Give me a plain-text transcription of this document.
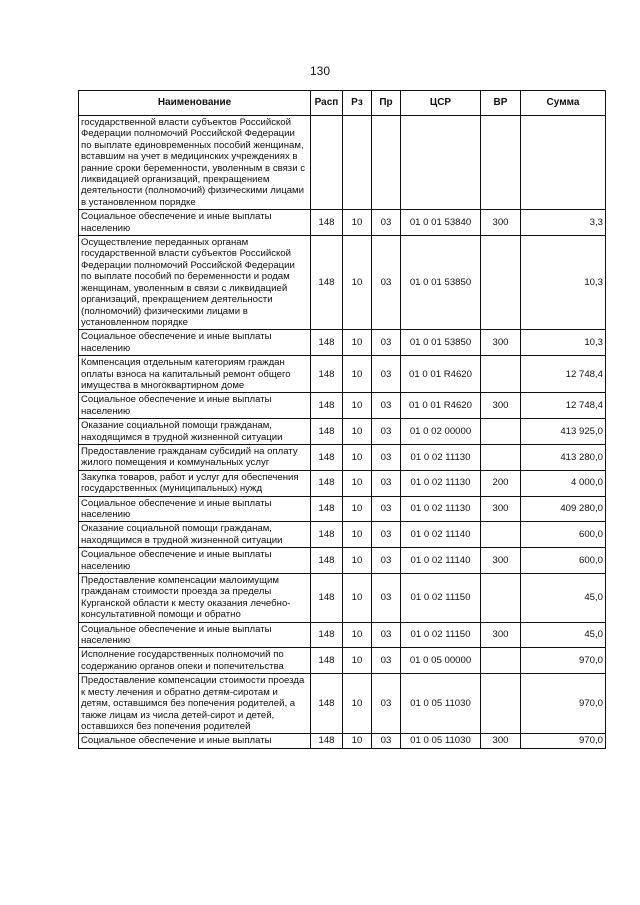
130
Наименование	Расп	Рз	Пр	ЦСР	ВР	Сумма
государственной власти субъектов Российской Федерации полномочий Российской Федерации по выплате единовременных пособий женщинам, вставшим на учет в медицинских учреждениях в ранние сроки беременности, уволенным в связи с ликвидацией организаций, прекращением деятельности (полномочий) физическими лицами в установленном порядке						
Социальное обеспечение и иные выплаты населению	148	10	03	01 0 01 53840	300	3,3
Осуществление переданных органам государственной власти субъектов Российской Федерации полномочий Российской Федерации по выплате пособий по беременности и родам женщинам, уволенным в связи с ликвидацией организаций, прекращением деятельности (полномочий) физическими лицами в установленном порядке	148	10	03	01 0 01 53850		10,3
Социальное обеспечение и иные выплаты населению	148	10	03	01 0 01 53850	300	10,3
Компенсация отдельным категориям граждан оплаты взноса на капитальный ремонт общего имущества в многоквартирном доме	148	10	03	01 0 01 R4620		12 748,4
Социальное обеспечение и иные выплаты населению	148	10	03	01 0 01 R4620	300	12 748,4
Оказание социальной помощи гражданам, находящимся в трудной жизненной ситуации	148	10	03	01 0 02 00000		413 925,0
Предоставление гражданам субсидий на оплату жилого помещения и коммунальных услуг	148	10	03	01 0 02 11130		413 280,0
Закупка товаров, работ и услуг для обеспечения государственных (муниципальных) нужд	148	10	03	01 0 02 11130	200	4 000,0
Социальное обеспечение и иные выплаты населению	148	10	03	01 0 02 11130	300	409 280,0
Оказание социальной помощи гражданам, находящимся в трудной жизненной ситуации	148	10	03	01 0 02 11140		600,0
Социальное обеспечение и иные выплаты населению	148	10	03	01 0 02 11140	300	600,0
Предоставление компенсации малоимущим гражданам стоимости проезда за пределы Курганской области к месту оказания лечебно-консультативной помощи и обратно	148	10	03	01 0 02 11150		45,0
Социальное обеспечение и иные выплаты населению	148	10	03	01 0 02 11150	300	45,0
Исполнение государственных полномочий по содержанию органов опеки и попечительства	148	10	03	01 0 05 00000		970,0
Предоставление компенсации стоимости проезда к месту лечения и обратно детям-сиротам и детям, оставшимся без попечения родителей, а также лицам из числа детей-сирот и детей, оставшихся без попечения родителей	148	10	03	01 0 05 11030		970,0
Социальное обеспечение и иные выплаты	148	10	03	01 0 05 11030	300	970,0
